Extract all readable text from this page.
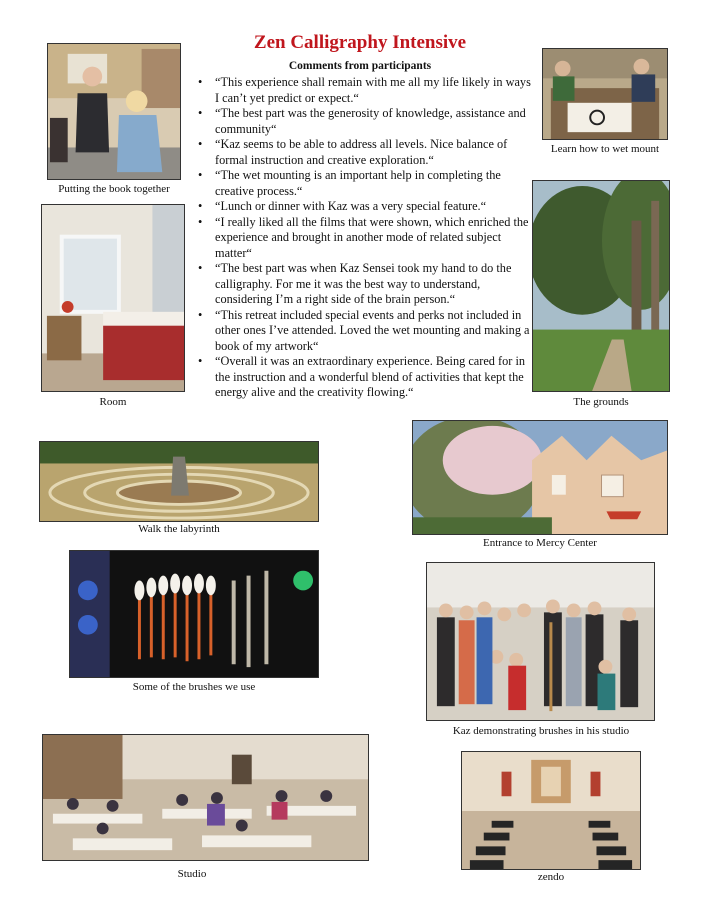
Zen Calligraphy Intensive
Comments from participants
• “This experience shall remain with me all my life likely in ways I can’t yet predict or expect.“
• “The best part was the generosity of knowledge, assistance and community“
• “Kaz seems to be able to address all levels. Nice balance of formal instruction and creative exploration.“
• “The wet mounting is an important help in completing the creative process.“
• “Lunch or dinner with Kaz was a very special feature.“
• “I really liked all the films that were shown, which enriched the experience and brought in another mode of related subject matter“
• “The best part was when Kaz Sensei took my hand to do the calligraphy. For me it was the best way to understand, considering I’m a right side of the brain person.“
• “This retreat included special events and perks not included in other ones I’ve attended. Loved the wet mounting and making a book of my artwork“
• “Overall it was an extraordinary experience. Being cared for in the instruction and a wonderful blend of activities that kept the energy alive and the creativity flowing.“
Putting the book together
Learn how to wet mount
Room	The grounds
Walk the labyrinth
Entrance to Mercy Center
Some of the brushes we use
Kaz demonstrating brushes in his studio
Studio	zendo
